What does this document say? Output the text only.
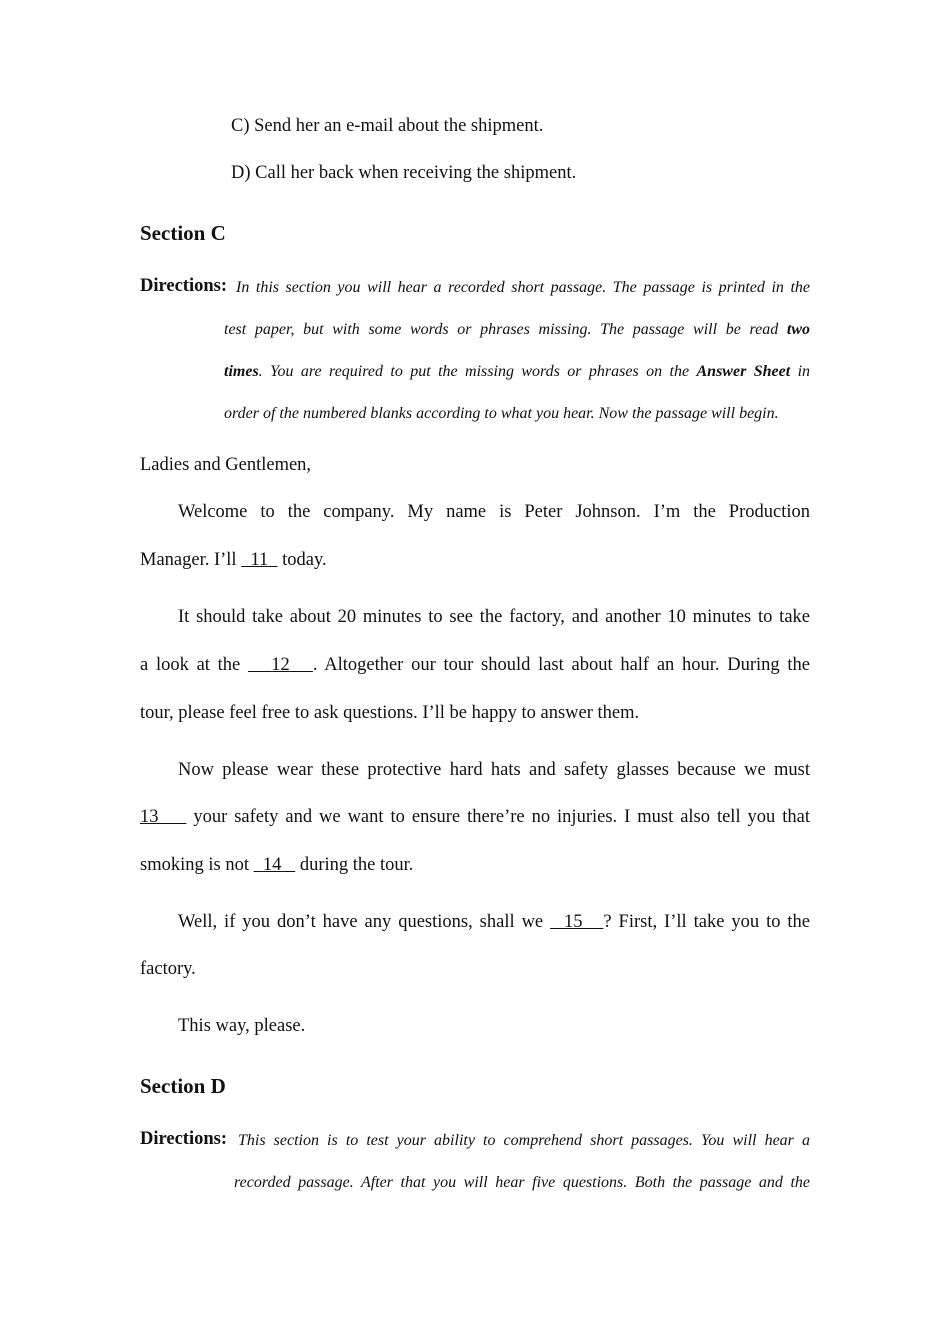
C) Send her an e-mail about the shipment.
D) Call her back when receiving the shipment.
Section C
Directions: In this section you will hear a recorded short passage. The passage is printed in the
test paper, but with some words or phrases missing. The passage will be read two
times. You are required to put the missing words or phrases on the Answer Sheet in
order of the numbered blanks according to what you hear. Now the passage will begin.
Ladies and Gentlemen,
Welcome to the company. My name is Peter Johnson. I’m the Production
Manager. I’ll 11 today.
It should take about 20 minutes to see the factory, and another 10 minutes to take
a look at the 12 . Altogether our tour should last about half an hour. During the
tour, please feel free to ask questions. I’ll be happy to answer them.
Now please wear these protective hard hats and safety glasses because we must
13 your safety and we want to ensure there’re no injuries. I must also tell you that
smoking is not 14 during the tour.
Well, if you don’t have any questions, shall we 15 ? First, I’ll take you to the
factory.
This way, please.
Section D
Directions: This section is to test your ability to comprehend short passages. You will hear a
recorded passage. After that you will hear five questions. Both the passage and the
